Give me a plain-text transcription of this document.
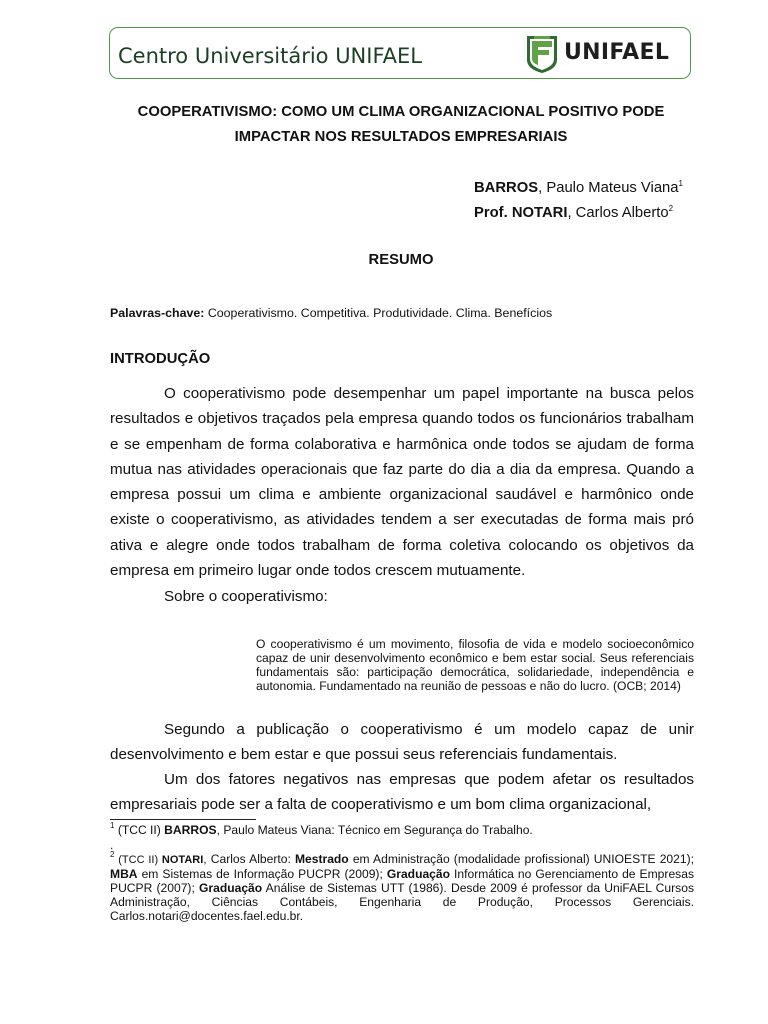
Centro Universitário UNIFAEL	UNIFAEL
COOPERATIVISMO: COMO UM CLIMA ORGANIZACIONAL POSITIVO PODE
IMPACTAR NOS RESULTADOS EMPRESARIAIS
BARROS, Paulo Mateus Viana$^1$
Prof. NOTARI, Carlos Alberto$^2$
RESUMO
Palavras-chave: Cooperativismo. Competitiva. Produtividade. Clima. Benefícios
INTRODUÇÃO

O cooperativismo pode desempenhar um papel importante na busca pelos resultados e objetivos traçados pela empresa quando todos os funcionários trabalham e se empenham de forma colaborativa e harmônica onde todos se ajudam de forma mutua nas atividades operacionais que faz parte do dia a dia da empresa. Quando a empresa possui um clima e ambiente organizacional saudável e harmônico onde existe o cooperativismo, as atividades tendem a ser executadas de forma mais pró ativa e alegre onde todos trabalham de forma coletiva colocando os objetivos da empresa em primeiro lugar onde todos crescem mutuamente.

Sobre o cooperativismo:

O cooperativismo é um movimento, filosofia de vida e modelo socioeconômico capaz de unir desenvolvimento econômico e bem estar social. Seus referenciais fundamentais são: participação democrática, solidariedade, independência e autonomia. Fundamentado na reunião de pessoas e não do lucro. (OCB; 2014)

Segundo a publicação o cooperativismo é um modelo capaz de unir desenvolvimento e bem estar e que possui seus referenciais fundamentais.

Um dos fatores negativos nas empresas que podem afetar os resultados empresariais pode ser a falta de cooperativismo e um bom clima organizacional,

$^1$ (TCC II) BARROS, Paulo Mateus Viana: Técnico em Segurança do Trabalho.

.

$^2$ (TCC II) NOTARI, Carlos Alberto: Mestrado em Administração (modalidade profissional) UNIOESTE 2021); MBA em Sistemas de Informação PUCPR (2009); Graduação Informática no Gerenciamento de Empresas PUCPR (2007); Graduação Análise de Sistemas UTT (1986). Desde 2009 é professor da UniFAEL Cursos Administração, Ciências Contábeis, Engenharia de Produção, Processos Gerenciais. Carlos.notari@docentes.fael.edu.br.
